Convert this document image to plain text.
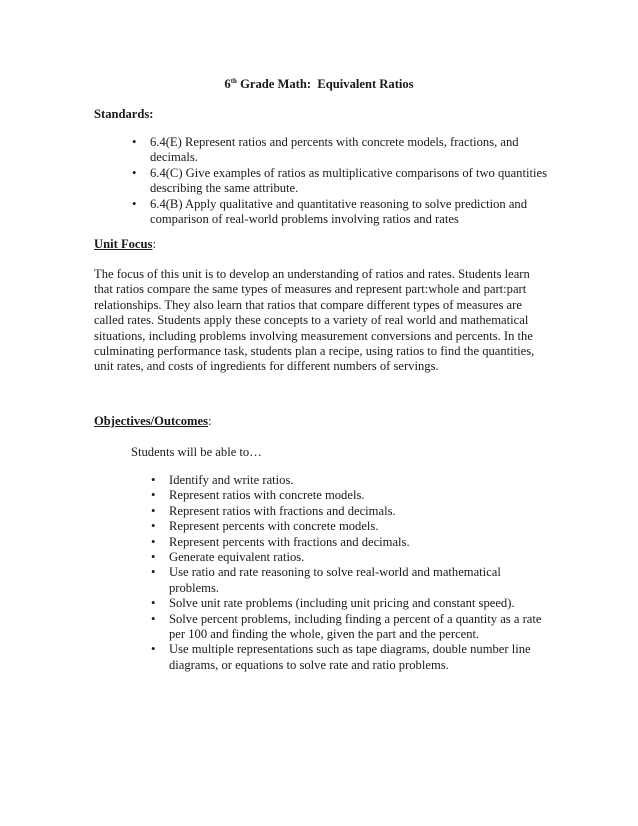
6th Grade Math:  Equivalent Ratios
Standards:
• 6.4(E) Represent ratios and percents with concrete models, fractions, and decimals.
• 6.4(C) Give examples of ratios as multiplicative comparisons of two quantities describing the same attribute.
• 6.4(B) Apply qualitative and quantitative reasoning to solve prediction and comparison of real-world problems involving ratios and rates
Unit Focus:

The focus of this unit is to develop an understanding of ratios and rates. Students learn that ratios compare the same types of measures and represent part:whole and part:part relationships. They also learn that ratios that compare different types of measures are called rates. Students apply these concepts to a variety of real world and mathematical situations, including problems involving measurement conversions and percents. In the culminating performance task, students plan a recipe, using ratios to find the quantities, unit rates, and costs of ingredients for different numbers of servings.

Objectives/Outcomes:

Students will be able to…

• Identify and write ratios.
• Represent ratios with concrete models.
• Represent ratios with fractions and decimals.
• Represent percents with concrete models.
• Represent percents with fractions and decimals.
• Generate equivalent ratios.
• Use ratio and rate reasoning to solve real-world and mathematical problems.
• Solve unit rate problems (including unit pricing and constant speed).
• Solve percent problems, including finding a percent of a quantity as a rate per 100 and finding the whole, given the part and the percent.
• Use multiple representations such as tape diagrams, double number line diagrams, or equations to solve rate and ratio problems.
